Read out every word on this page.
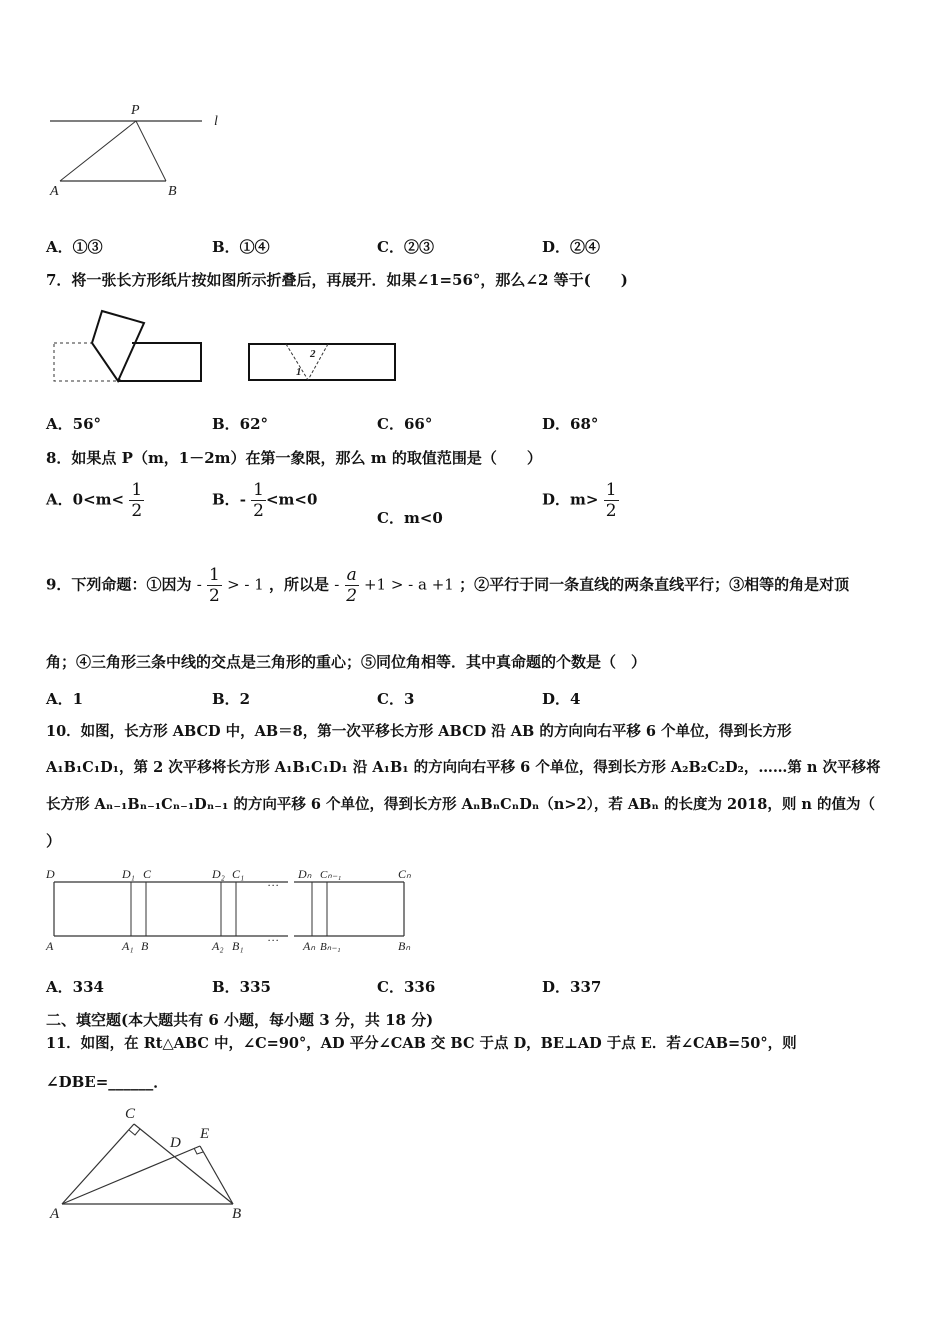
P
l
A	B
A．①③	B．①④	C．②③	D．②④
7．将一张长方形纸片按如图所示折叠后，再展开．如果∠1=56°，那么∠2 等于(　　)
2
1
A．56°	B．62°	C．66°	D．68°
8．如果点 P（m，1－2m）在第一象限，那么 m 的取值范围是（　　）
A．$0<m< \frac{1}{2}$	B．- $\frac{1}{2} <m<0$
C．m<0
D．$m> \frac{1}{2}$
9．下列命题：①因为 - $\frac{1}{2}$ > - 1 ，所以是 - $\frac{a}{2} +1$ > - a +1 ；②平行于同一条直线的两条直线平行；③相等的角是对顶
角；④三角形三条中线的交点是三角形的重心；⑤同位角相等．其中真命题的个数是（　）
A．1	B．2	C．3	D．4
10．如图，长方形 ABCD 中，AB＝8，第一次平移长方形 ABCD 沿 AB 的方向向右平移 6 个单位，得到长方形
A₁B₁C₁D₁，第 2 次平移将长方形 A₁B₁C₁D₁ 沿 A₁B₁ 的方向向右平移 6 个单位，得到长方形 A₂B₂C₂D₂，……第 n 次平移将
长方形 Aₙ₋₁Bₙ₋₁Cₙ₋₁Dₙ₋₁ 的方向平移 6 个单位，得到长方形 AₙBₙCₙDₙ（n>2），若 ABₙ 的长度为 2018，则 n 的值为（
）
D	D₁ C	D₂ C₁
…
Dₙ Cₙ₋₁	Cₙ
A	A₁ B	A₂ B₁
…
Aₙ Bₙ₋₁	Bₙ
A．334	B．335	C．336	D．337
二、填空题(本大题共有 6 小题，每小题 3 分，共 18 分)
11．如图，在 Rt△ABC 中，∠C=90°，AD 平分∠CAB 交 BC 于点 D，BE⊥AD 于点 E．若∠CAB=50°，则
∠DBE=______．
C
D
E
A	B
